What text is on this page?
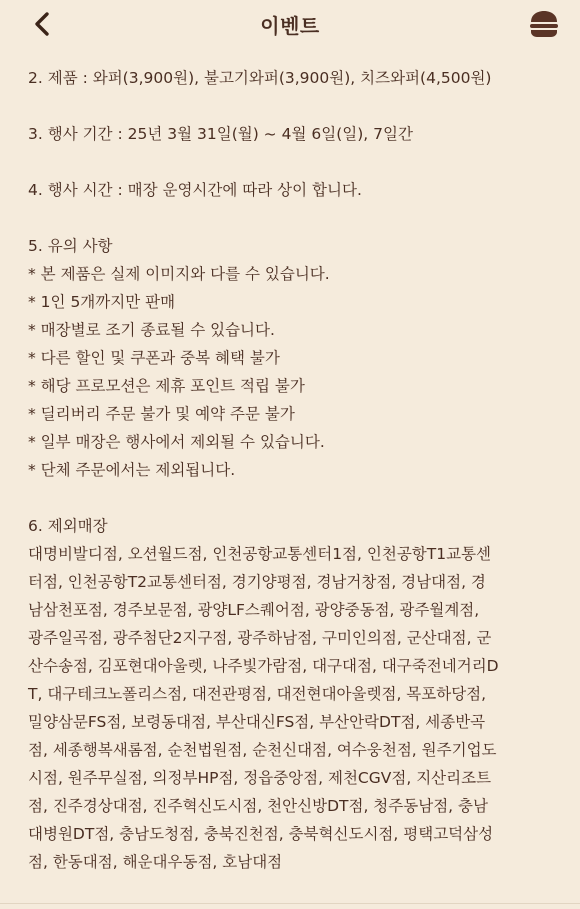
이벤트
2. 제품 : 와퍼(3,900원), 불고기와퍼(3,900원), 치즈와퍼(4,500원)
3. 행사 기간 : 25년 3월 31일(월) ~ 4월 6일(일), 7일간
4. 행사 시간 : 매장 운영시간에 따라 상이 합니다.
5. 유의 사항
* 본 제품은 실제 이미지와 다를 수 있습니다.
* 1인 5개까지만 판매
* 매장별로 조기 종료될 수 있습니다.
* 다른 할인 및 쿠폰과 중복 혜택 불가
* 해당 프로모션은 제휴 포인트 적립 불가
* 딜리버리 주문 불가 및 예약 주문 불가
* 일부 매장은 행사에서 제외될 수 있습니다.
* 단체 주문에서는 제외됩니다.
6. 제외매장
대명비발디점, 오션월드점, 인천공항교통센터1점, 인천공항T1교통센
터점, 인천공항T2교통센터점, 경기양평점, 경남거창점, 경남대점, 경
남삼천포점, 경주보문점, 광양LF스퀘어점, 광양중동점, 광주월계점,
광주일곡점, 광주첨단2지구점, 광주하남점, 구미인의점, 군산대점, 군
산수송점, 김포현대아울렛, 나주빛가람점, 대구대점, 대구죽전네거리D
T, 대구테크노폴리스점, 대전관평점, 대전현대아울렛점, 목포하당점,
밀양삼문FS점, 보령동대점, 부산대신FS점, 부산안락DT점, 세종반곡
점, 세종행복새롬점, 순천법원점, 순천신대점, 여수웅천점, 원주기업도
시점, 원주무실점, 의정부HP점, 정읍중앙점, 제천CGV점, 지산리조트
점, 진주경상대점, 진주혁신도시점, 천안신방DT점, 청주동남점, 충남
대병원DT점, 충남도청점, 충북진천점, 충북혁신도시점, 평택고덕삼성
점, 한동대점, 해운대우동점, 호남대점
